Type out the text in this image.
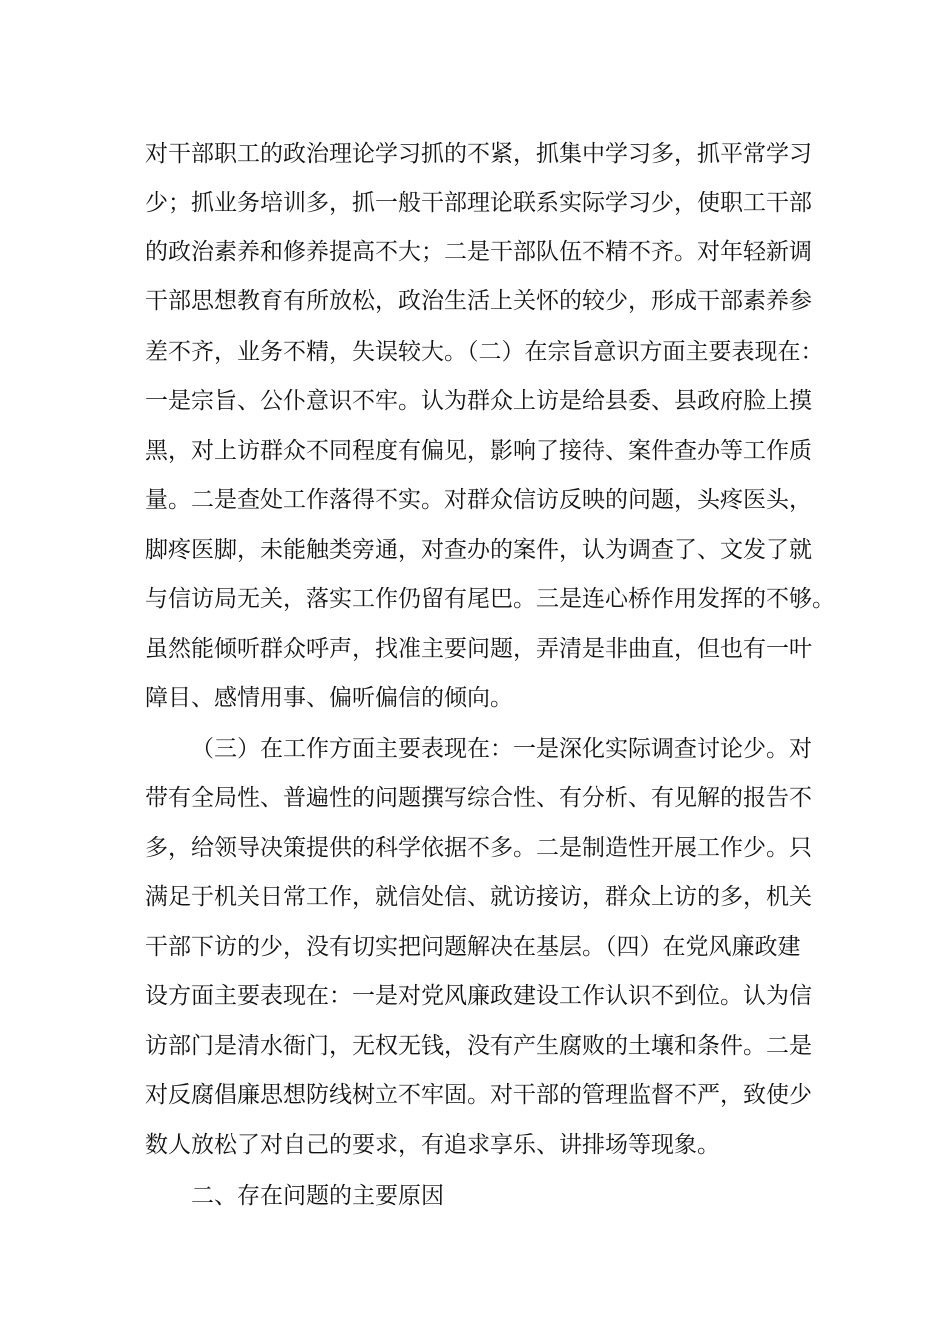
对干部职工的政治理论学习抓的不紧，抓集中学习多，抓平常学习
少；抓业务培训多，抓一般干部理论联系实际学习少，使职工干部
的政治素养和修养提高不大；二是干部队伍不精不齐。对年轻新调
干部思想教育有所放松，政治生活上关怀的较少，形成干部素养参
差不齐，业务不精，失误较大。（二）在宗旨意识方面主要表现在：
一是宗旨、公仆意识不牢。认为群众上访是给县委、县政府脸上摸
黑，对上访群众不同程度有偏见，影响了接待、案件查办等工作质
量。二是查处工作落得不实。对群众信访反映的问题，头疼医头，
脚疼医脚，未能触类旁通，对查办的案件，认为调查了、文发了就
与信访局无关，落实工作仍留有尾巴。三是连心桥作用发挥的不够。
虽然能倾听群众呼声，找准主要问题，弄清是非曲直，但也有一叶
障目、感情用事、偏听偏信的倾向。
（三）在工作方面主要表现在：一是深化实际调查讨论少。对
带有全局性、普遍性的问题撰写综合性、有分析、有见解的报告不
多，给领导决策提供的科学依据不多。二是制造性开展工作少。只
满足于机关日常工作，就信处信、就访接访，群众上访的多，机关
干部下访的少，没有切实把问题解决在基层。（四）在党风廉政建
设方面主要表现在：一是对党风廉政建设工作认识不到位。认为信
访部门是清水衙门，无权无钱，没有产生腐败的土壤和条件。二是
对反腐倡廉思想防线树立不牢固。对干部的管理监督不严，致使少
数人放松了对自己的要求，有追求享乐、讲排场等现象。
二、存在问题的主要原因
